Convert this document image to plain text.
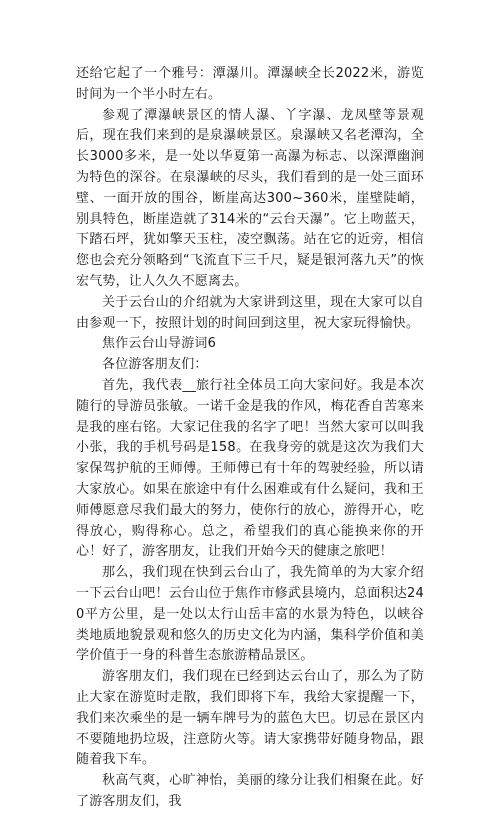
还给它起了一个雅号：潭瀑川。潭瀑峡全长2022米，游览时间为一个半小时左右。

参观了潭瀑峡景区的情人瀑、丫字瀑、龙凤壁等景观后，现在我们来到的是泉瀑峡景区。泉瀑峡又名老潭沟，全长3000多米，是一处以华夏第一高瀑为标志、以深潭幽涧为特色的深谷。在泉瀑峡的尽头，我们看到的是一处三面环壁、一面开放的围谷，断崖高达300~360米，崖壁陡峭，别具特色，断崖造就了314米的“云台天瀑”。它上吻蓝天，下踏石坪，犹如擎天玉柱，凌空飘荡。站在它的近旁，相信您也会充分领略到“飞流直下三千尺，疑是银河落九天”的恢宏气势，让人久久不愿离去。

关于云台山的介绍就为大家讲到这里，现在大家可以自由参观一下，按照计划的时间回到这里，祝大家玩得愉快。

焦作云台山导游词6

各位游客朋友们：

首先，我代表__旅行社全体员工向大家问好。我是本次随行的导游员张敏。一诺千金是我的作风，梅花香自苦寒来是我的座右铭。大家记住我的名字了吧！当然大家可以叫我小张，我的手机号码是158。在我身旁的就是这次为我们大家保驾护航的王师傅。王师傅已有十年的驾驶经验，所以请大家放心。如果在旅途中有什么困难或有什么疑问，我和王师傅愿意尽我们最大的努力，使你行的放心，游得开心，吃得放心，购得称心。总之，希望我们的真心能换来你的开心！好了，游客朋友，让我们开始今天的健康之旅吧！

那么，我们现在快到云台山了，我先简单的为大家介绍一下云台山吧！云台山位于焦作市修武县境内，总面积达240平方公里，是一处以太行山岳丰富的水景为特色，以峡谷类地质地貌景观和悠久的历史文化为内涵，集科学价值和美学价值于一身的科普生态旅游精品景区。

游客朋友们，我们现在已经到达云台山了，那么为了防止大家在游览时走散，我们即将下车，我给大家提醒一下，我们来次乘坐的是一辆车牌号为的蓝色大巴。切忌在景区内不要随地扔垃圾，注意防火等。请大家携带好随身物品，跟随着我下车。

秋高气爽，心旷神怡，美丽的缘分让我们相聚在此。好了游客朋友们，我
